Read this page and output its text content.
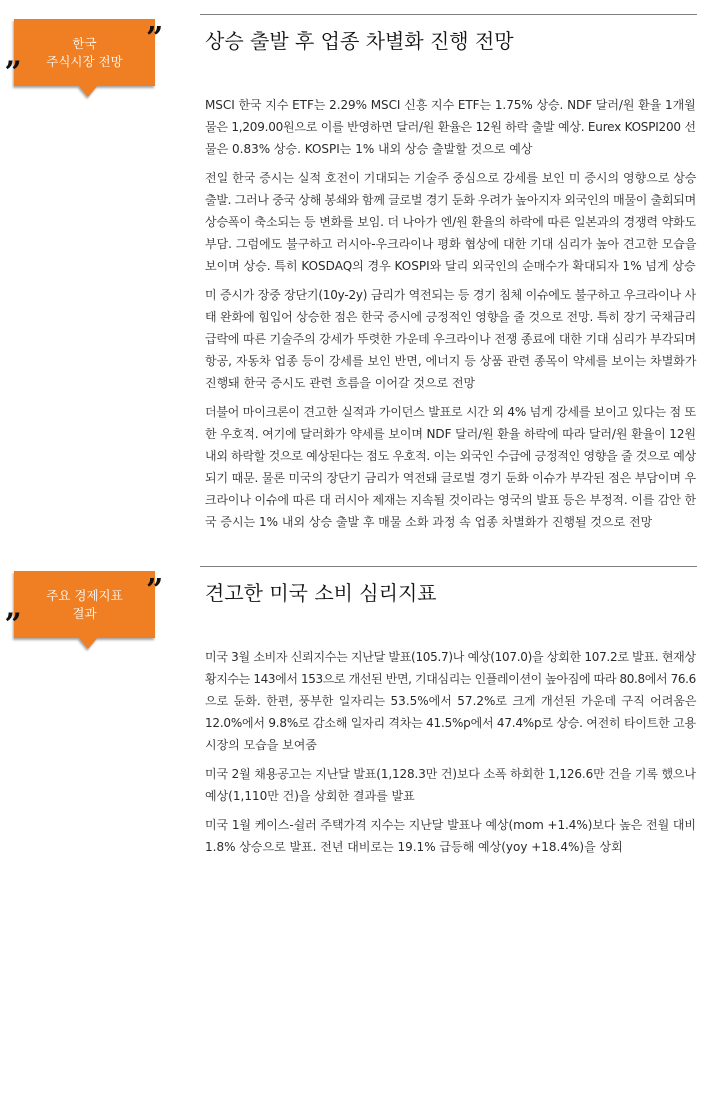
한국
주식시장 전망
”
„	상승 출발 후 업종 차별화 진행 전망
MSCI 한국 지수 ETF는 2.29% MSCI 신흥 지수 ETF는 1.75% 상승. NDF 달러/원 환율 1개월
물은 1,209.00원으로 이를 반영하면 달러/원 환율은 12원 하락 출발 예상. Eurex KOSPI200 선
물은 0.83% 상승. KOSPI는 1% 내외 상승 출발할 것으로 예상
전일 한국 증시는 실적 호전이 기대되는 기술주 중심으로 강세를 보인 미 증시의 영향으로 상승
출발. 그러나 중국 상해 봉쇄와 함께 글로벌 경기 둔화 우려가 높아지자 외국인의 매물이 출회되며
상승폭이 축소되는 등 변화를 보임. 더 나아가 엔/원 환율의 하락에 따른 일본과의 경쟁력 약화도
부담. 그럼에도 불구하고 러시아-우크라이나 평화 협상에 대한 기대 심리가 높아 견고한 모습을
보이며 상승. 특히 KOSDAQ의 경우 KOSPI와 달리 외국인의 순매수가 확대되자 1% 넘게 상승
미 증시가 장중 장단기(10y-2y) 금리가 역전되는 등 경기 침체 이슈에도 불구하고 우크라이나 사
태 완화에 힘입어 상승한 점은 한국 증시에 긍정적인 영향을 줄 것으로 전망. 특히 장기 국채금리
급락에 따른 기술주의 강세가 뚜렷한 가운데 우크라이나 전쟁 종료에 대한 기대 심리가 부각되며
항공, 자동차 업종 등이 강세를 보인 반면, 에너지 등 상품 관련 종목이 약세를 보이는 차별화가
진행돼 한국 증시도 관련 흐름을 이어갈 것으로 전망
더불어 마이크론이 견고한 실적과 가이던스 발표로 시간 외 4% 넘게 강세를 보이고 있다는 점 또
한 우호적. 여기에 달러화가 약세를 보이며 NDF 달러/원 환율 하락에 따라 달러/원 환율이 12원
내외 하락할 것으로 예상된다는 점도 우호적. 이는 외국인 수급에 긍정적인 영향을 줄 것으로 예상
되기 때문. 물론 미국의 장단기 금리가 역전돼 글로벌 경기 둔화 이슈가 부각된 점은 부담이며 우
크라이나 이슈에 따른 대 러시아 제재는 지속될 것이라는 영국의 발표 등은 부정적. 이를 감안 한
국 증시는 1% 내외 상승 출발 후 매물 소화 과정 속 업종 차별화가 진행될 것으로 전망
주요 경제지표
결과
”
„	견고한 미국 소비 심리지표
미국 3월 소비자 신뢰지수는 지난달 발표(105.7)나 예상(107.0)을 상회한 107.2로 발표. 현재상
황지수는 143에서 153으로 개선된 반면, 기대심리는 인플레이션이 높아짐에 따라 80.8에서 76.6
으로 둔화. 한편, 풍부한 일자리는 53.5%에서 57.2%로 크게 개선된 가운데 구직 어려움은
12.0%에서 9.8%로 감소해 일자리 격차는 41.5%p에서 47.4%p로 상승. 여전히 타이트한 고용
시장의 모습을 보여줌
미국 2월 채용공고는 지난달 발표(1,128.3만 건)보다 소폭 하회한 1,126.6만 건을 기록 했으나
예상(1,110만 건)을 상회한 결과를 발표
미국 1월 케이스-쉴러 주택가격 지수는 지난달 발표나 예상(mom +1.4%)보다 높은 전월 대비
1.8% 상승으로 발표. 전년 대비로는 19.1% 급등해 예상(yoy +18.4%)을 상회
